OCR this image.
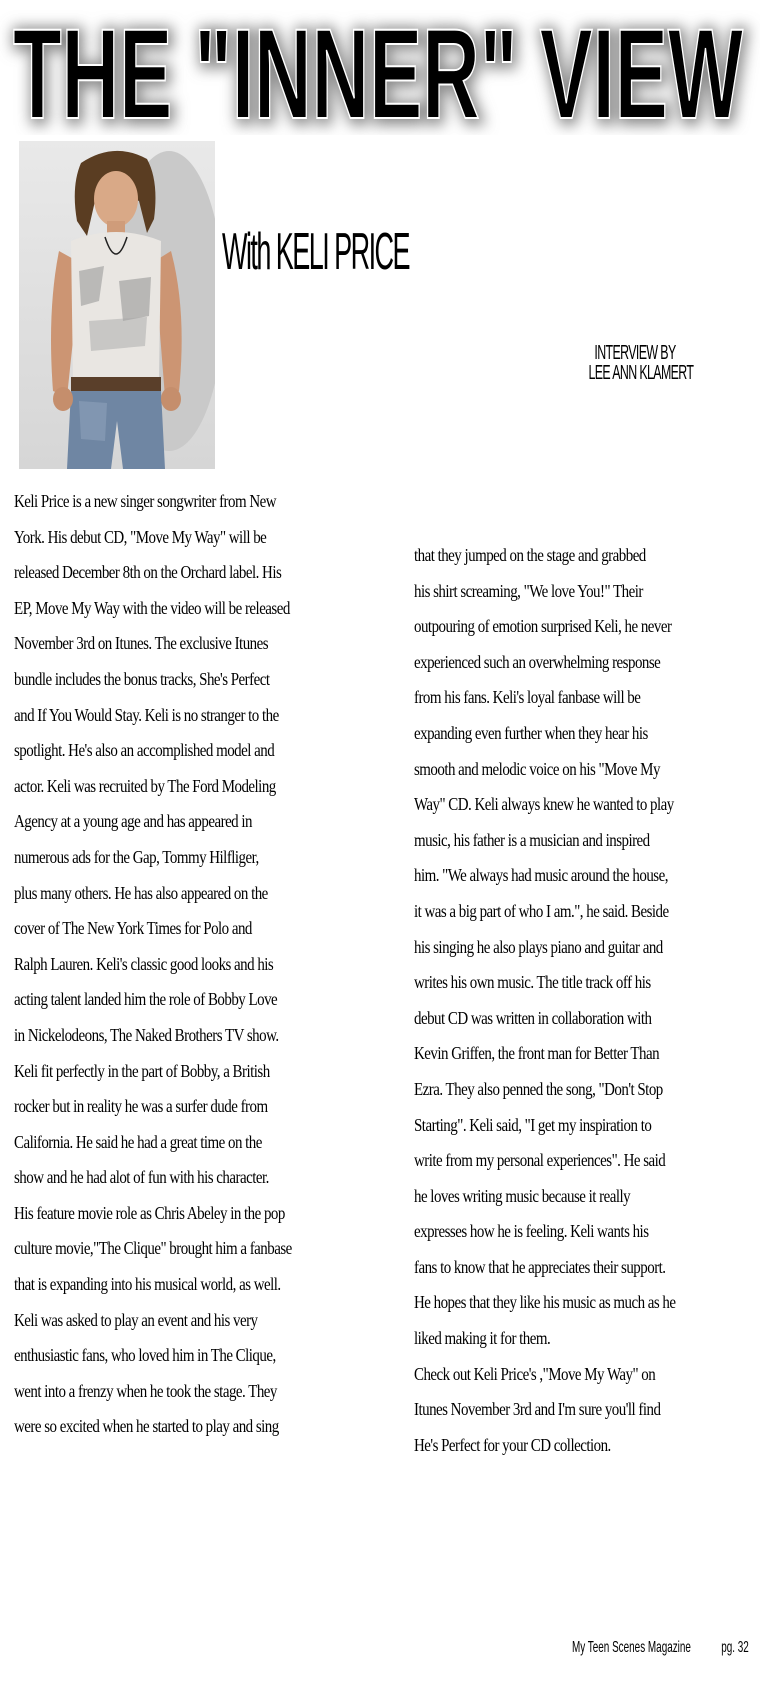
THE "INNER" VIEW
THE "INNER" VIEW
With KELI PRICE
INTERVIEW BY
LEE ANN KLAMERT
Keli Price is a new singer songwriter from New
York. His debut CD, "Move My Way" will be
released December 8th on the Orchard label. His
EP, Move My Way with the video will be released
November 3rd on Itunes. The exclusive Itunes
bundle includes the bonus tracks, She's Perfect
and If You Would Stay. Keli is no stranger to the
spotlight. He's also an accomplished model and
actor. Keli was recruited by The Ford Modeling
Agency at a young age and has appeared in
numerous ads for the Gap, Tommy Hilfliger,
plus many others. He has also appeared on the
cover of The New York Times for Polo and
Ralph Lauren. Keli's classic good looks and his
acting talent landed him the role of Bobby Love
in Nickelodeons, The Naked Brothers TV show.
Keli fit perfectly in the part of Bobby, a British
rocker but in reality he was a surfer dude from
California. He said he had a great time on the
show and he had alot of fun with his character.
His feature movie role as Chris Abeley in the pop
culture movie,"The Clique" brought him a fanbase
that is expanding into his musical world, as well.
Keli was asked to play an event and his very
enthusiastic fans, who loved him in The Clique,
went into a frenzy when he took the stage. They
were so excited when he started to play and sing
that they jumped on the stage and grabbed
his shirt screaming, "We love You!" Their
outpouring of emotion surprised Keli, he never
experienced such an overwhelming response
from his fans. Keli's loyal fanbase will be
expanding even further when they hear his
smooth and melodic voice on his "Move My
Way" CD. Keli always knew he wanted to play
music, his father is a musician and inspired
him. "We always had music around the house,
it was a big part of who I am.", he said. Beside
his singing he also plays piano and guitar and
writes his own music. The title track off his
debut CD was written in collaboration with
Kevin Griffen, the front man for Better Than
Ezra. They also penned the song, "Don't Stop
Starting". Keli said, "I get my inspiration to
write from my personal experiences". He said
he loves writing music because it really
expresses how he is feeling. Keli wants his
fans to know that he appreciates their support.
He hopes that they like his music as much as he
liked making it for them.
Check out Keli Price's ,"Move My Way" on
Itunes November 3rd and I'm sure you'll find
He's Perfect for your CD collection.
My Teen Scenes Magazine pg. 32
